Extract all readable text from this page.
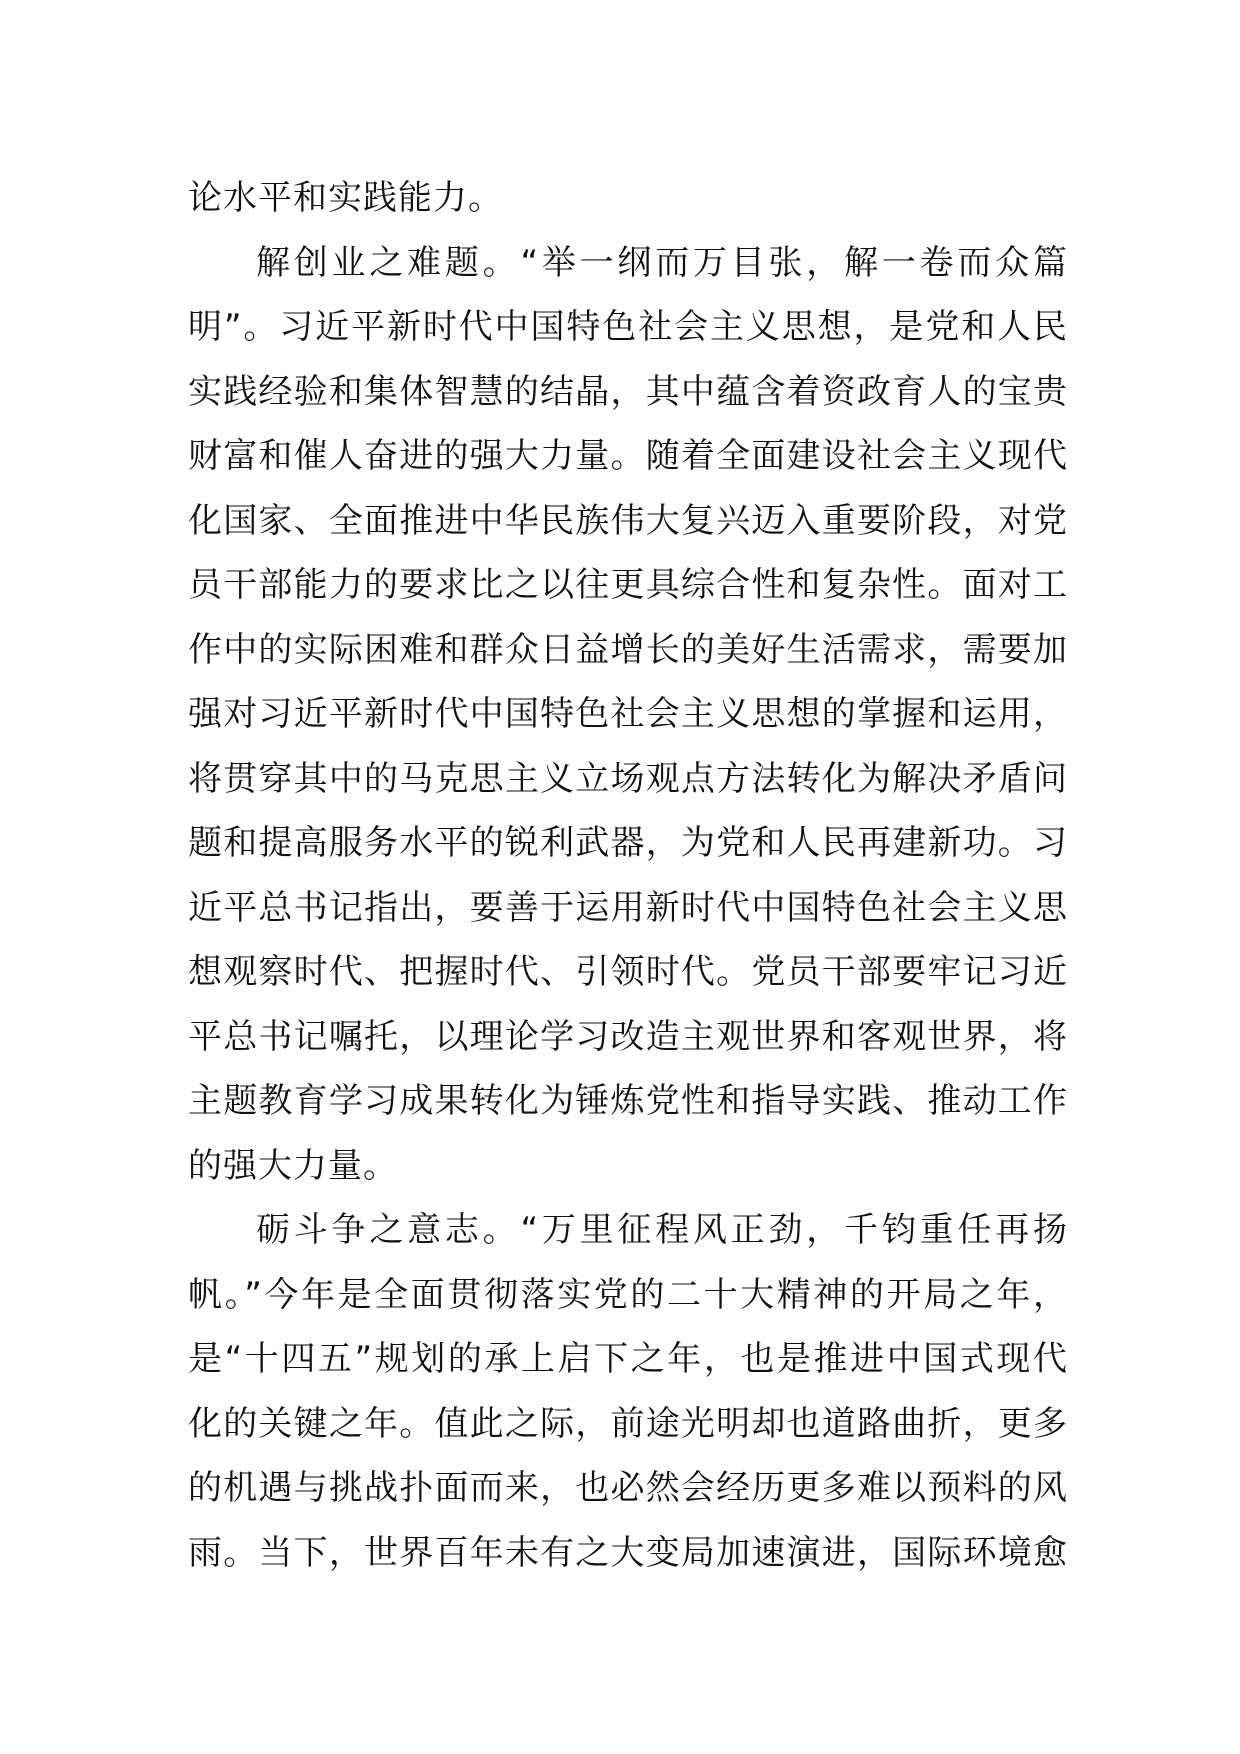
论水平和实践能力。
解创业之难题。“举一纲而万目张，解一卷而众篇
明”。习近平新时代中国特色社会主义思想，是党和人民
实践经验和集体智慧的结晶，其中蕴含着资政育人的宝贵
财富和催人奋进的强大力量。随着全面建设社会主义现代
化国家、全面推进中华民族伟大复兴迈入重要阶段，对党
员干部能力的要求比之以往更具综合性和复杂性。面对工
作中的实际困难和群众日益增长的美好生活需求，需要加
强对习近平新时代中国特色社会主义思想的掌握和运用，
将贯穿其中的马克思主义立场观点方法转化为解决矛盾问
题和提高服务水平的锐利武器，为党和人民再建新功。习
近平总书记指出，要善于运用新时代中国特色社会主义思
想观察时代、把握时代、引领时代。党员干部要牢记习近
平总书记嘱托，以理论学习改造主观世界和客观世界，将
主题教育学习成果转化为锤炼党性和指导实践、推动工作
的强大力量。
砺斗争之意志。“万里征程风正劲，千钧重任再扬
帆。”今年是全面贯彻落实党的二十大精神的开局之年，
是“十四五”规划的承上启下之年，也是推进中国式现代
化的关键之年。值此之际，前途光明却也道路曲折，更多
的机遇与挑战扑面而来，也必然会经历更多难以预料的风
雨。当下，世界百年未有之大变局加速演进，国际环境愈
